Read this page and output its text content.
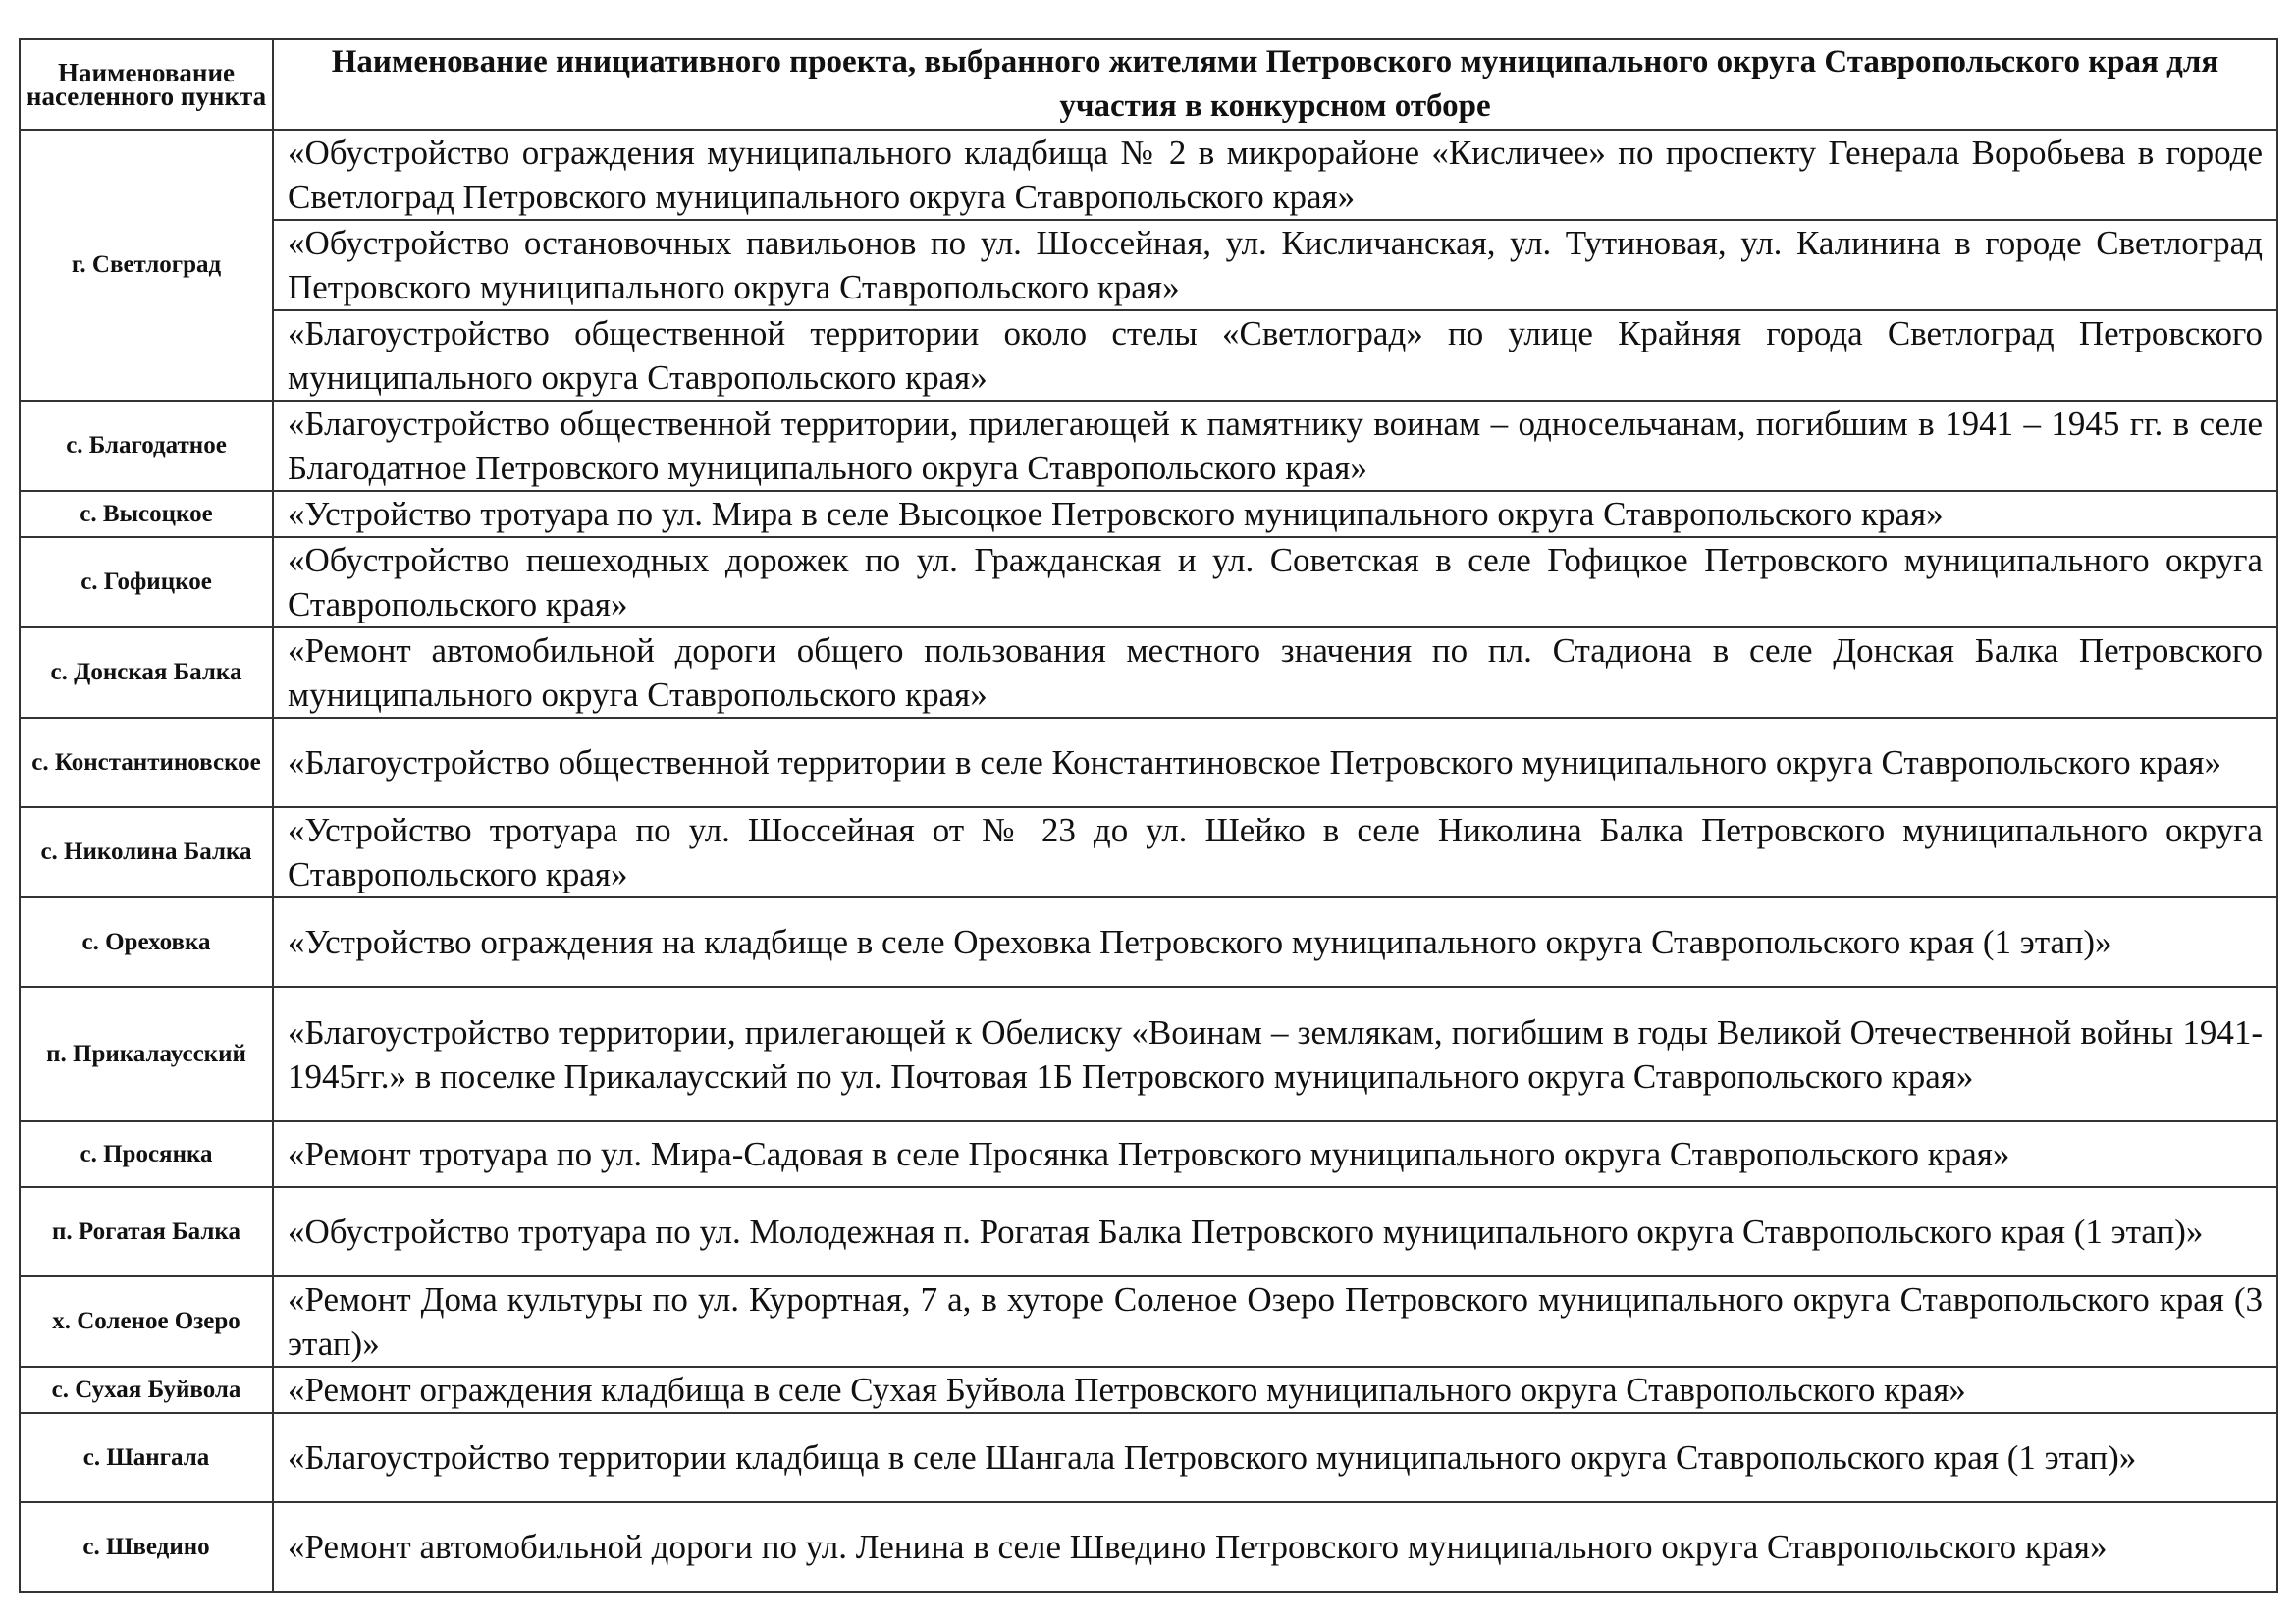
Наименование населенного пункта	Наименование инициативного проекта, выбранного жителями Петровского муниципального округа Ставропольского края для участия в конкурсном отборе
г. Светлоград	«Обустройство ограждения муниципального кладбища № 2 в микрорайоне «Кисличее» по проспекту Генерала Воробьева в городе Светлоград Петровского муниципального округа Ставропольского края»
	«Обустройство остановочных павильонов по ул. Шоссейная, ул. Кисличанская, ул. Тутиновая, ул. Калинина в городе Светлоград Петровского муниципального округа Ставропольского края»
	«Благоустройство общественной территории около стелы «Светлоград» по улице Крайняя города Светлоград Петровского муниципального округа Ставропольского края»
с. Благодатное	«Благоустройство общественной территории, прилегающей к памятнику воинам – односельчанам, погибшим в 1941 – 1945 гг. в селе Благодатное Петровского муниципального округа Ставропольского края»
с. Высоцкое	«Устройство тротуара по ул. Мира в селе Высоцкое Петровского муниципального округа Ставропольского края»
с. Гофицкое	«Обустройство пешеходных дорожек по ул. Гражданская и ул. Советская в селе Гофицкое Петровского муниципального округа Ставропольского края»
с. Донская Балка	«Ремонт автомобильной дороги общего пользования местного значения по пл. Стадиона в селе Донская Балка Петровского муниципального округа Ставропольского края»
с. Константиновское	«Благоустройство общественной территории в селе Константиновское Петровского муниципального округа Ставропольского края»
с. Николина Балка	«Устройство тротуара по ул. Шоссейная от № 23 до ул. Шейко в селе Николина Балка Петровского муниципального округа Ставропольского края»
с. Ореховка	«Устройство ограждения на кладбище в селе Ореховка Петровского муниципального округа Ставропольского края (1 этап)»
п. Прикалаусский	«Благоустройство территории, прилегающей к Обелиску «Воинам – землякам, погибшим в годы Великой Отечественной войны 1941-1945гг.» в поселке Прикалаусский по ул. Почтовая 1Б Петровского муниципального округа Ставропольского края»
с. Просянка	«Ремонт тротуара по ул. Мира-Садовая в селе Просянка Петровского муниципального округа Ставропольского края»
п. Рогатая Балка	«Обустройство тротуара по ул. Молодежная п. Рогатая Балка Петровского муниципального округа Ставропольского края (1 этап)»
х. Соленое Озеро	«Ремонт Дома культуры по ул. Курортная, 7 а, в хуторе Соленое Озеро Петровского муниципального округа Ставропольского края (3 этап)»
с. Сухая Буйвола	«Ремонт ограждения кладбища в селе Сухая Буйвола Петровского муниципального округа Ставропольского края»
с. Шангала	«Благоустройство территории кладбища в селе Шангала Петровского муниципального округа Ставропольского края (1 этап)»
с. Шведино	«Ремонт автомобильной дороги по ул. Ленина в селе Шведино Петровского муниципального округа Ставропольского края»
